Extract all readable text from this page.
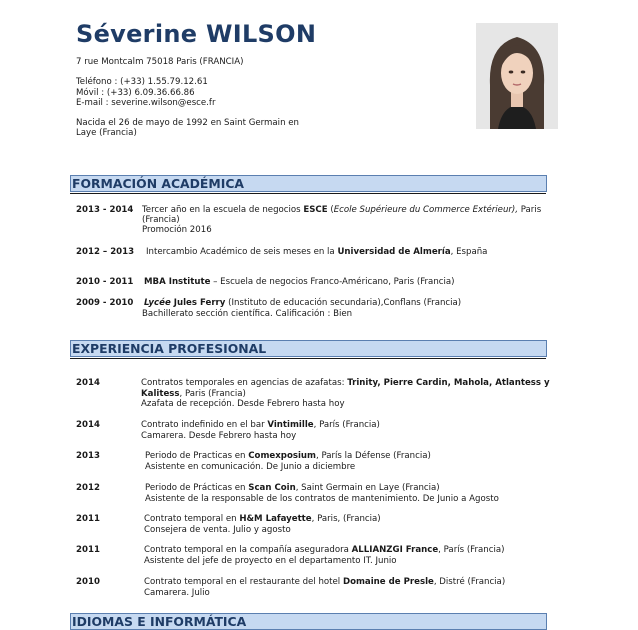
Séverine WILSON
7 rue Montcalm 75018 Paris (FRANCIA)
Teléfono : (+33) 1.55.79.12.61
Móvil : (+33) 6.09.36.66.86
E-mail : severine.wilson@esce.fr
Nacida el 26 de mayo de 1992 en Saint Germain en
Laye (Francia)
FORMACIÓN ACADÉMICA
2013 - 2014 Tercer año en la escuela de negocios ESCE (Ecole Supérieure du Commerce Extérieur), Paris
(Francia)
Promoción 2016
2012 – 2013 Intercambio Académico de seis meses en la Universidad de Almería, España
2010 - 2011 MBA Institute – Escuela de negocios Franco-Américano, Paris (Francia)
2009 - 2010 Lycée Jules Ferry (Instituto de educación secundaria),Conflans (Francia)
Bachillerato sección científica. Calificación : Bien
EXPERIENCIA PROFESIONAL
2014	Contratos temporales en agencias de azafatas: Trinity, Pierre Cardin, Mahola, Atlantess y
Kalitess, Paris (Francia)
Azafata de recepción. Desde Febrero hasta hoy
2014	Contrato indefinido en el bar Vintimille, París (Francia)
Camarera. Desde Febrero hasta hoy
2013	Periodo de Practicas en Comexposium, París la Défense (Francia)
Asistente en comunicación. De Junio a diciembre
2012	Periodo de Prácticas en Scan Coin, Saint Germain en Laye (Francia)
Asistente de la responsable de los contratos de mantenimiento. De Junio a Agosto
2011	Contrato temporal en H&M Lafayette, Paris, (Francia)
Consejera de venta. Julio y agosto
2011	Contrato temporal en la compañía aseguradora ALLIANZGI France, París (Francia)
Asistente del jefe de proyecto en el departamento IT. Junio
2010	Contrato temporal en el restaurante del hotel Domaine de Presle, Distré (Francia)
Camarera. Julio
IDIOMAS E INFORMÁTICA
